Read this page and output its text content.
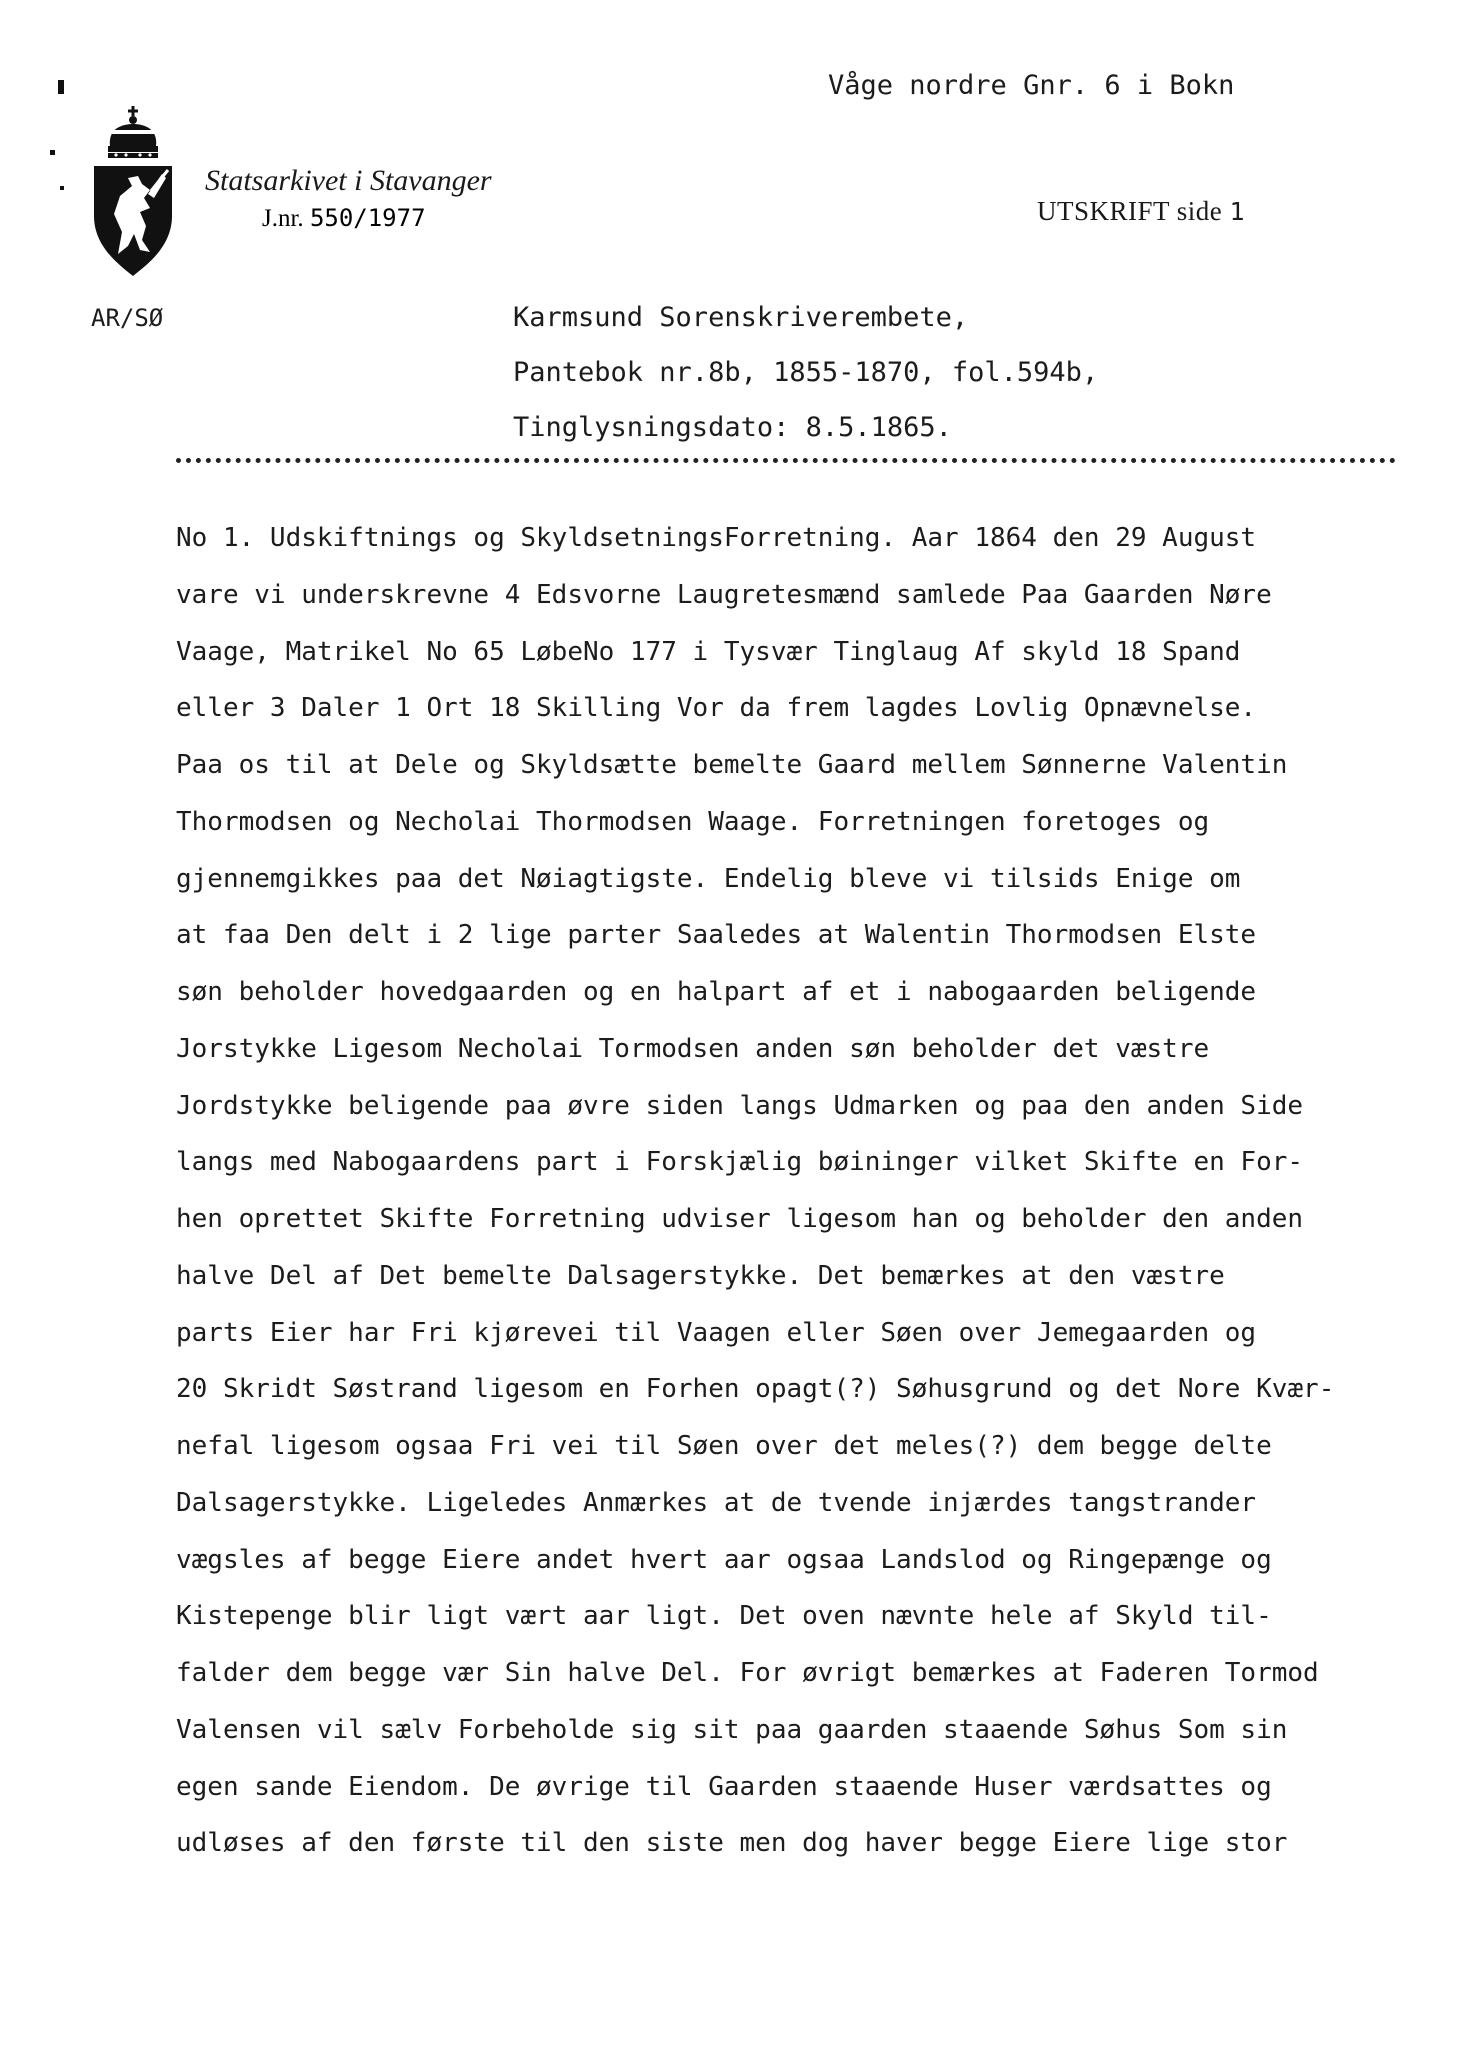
Våge nordre Gnr. 6 i Bokn
Statsarkivet i Stavanger
J.nr. 550/1977	UTSKRIFT side 1
AR/SØ	Karmsund Sorenskriverembete,
Pantebok nr.8b, 1855-1870, fol.594b,
Tinglysningsdato: 8.5.1865.
No 1. Udskiftnings og SkyldsetningsForretning. Aar 1864 den 29 August
vare vi underskrevne 4 Edsvorne Laugretesmænd samlede Paa Gaarden Nøre
Vaage, Matrikel No 65 LøbeNo 177 i Tysvær Tinglaug Af skyld 18 Spand
eller 3 Daler 1 Ort 18 Skilling Vor da frem lagdes Lovlig Opnævnelse.
Paa os til at Dele og Skyldsætte bemelte Gaard mellem Sønnerne Valentin
Thormodsen og Necholai Thormodsen Waage. Forretningen foretoges og
gjennemgikkes paa det Nøiagtigste. Endelig bleve vi tilsids Enige om
at faa Den delt i 2 lige parter Saaledes at Walentin Thormodsen Elste
søn beholder hovedgaarden og en halpart af et i nabogaarden beligende
Jorstykke Ligesom Necholai Tormodsen anden søn beholder det væstre
Jordstykke beligende paa øvre siden langs Udmarken og paa den anden Side
langs med Nabogaardens part i Forskjælig bøininger vilket Skifte en For-
hen oprettet Skifte Forretning udviser ligesom han og beholder den anden
halve Del af Det bemelte Dalsagerstykke. Det bemærkes at den væstre
parts Eier har Fri kjørevei til Vaagen eller Søen over Jemegaarden og
20 Skridt Søstrand ligesom en Forhen opagt(?) Søhusgrund og det Nore Kvær-
nefal ligesom ogsaa Fri vei til Søen over det meles(?) dem begge delte
Dalsagerstykke. Ligeledes Anmærkes at de tvende injærdes tangstrander
vægsles af begge Eiere andet hvert aar ogsaa Landslod og Ringepænge og
Kistepenge blir ligt vært aar ligt. Det oven nævnte hele af Skyld til-
falder dem begge vær Sin halve Del. For øvrigt bemærkes at Faderen Tormod
Valensen vil sælv Forbeholde sig sit paa gaarden staaende Søhus Som sin
egen sande Eiendom. De øvrige til Gaarden staaende Huser værdsattes og
udløses af den første til den siste men dog haver begge Eiere lige stor
